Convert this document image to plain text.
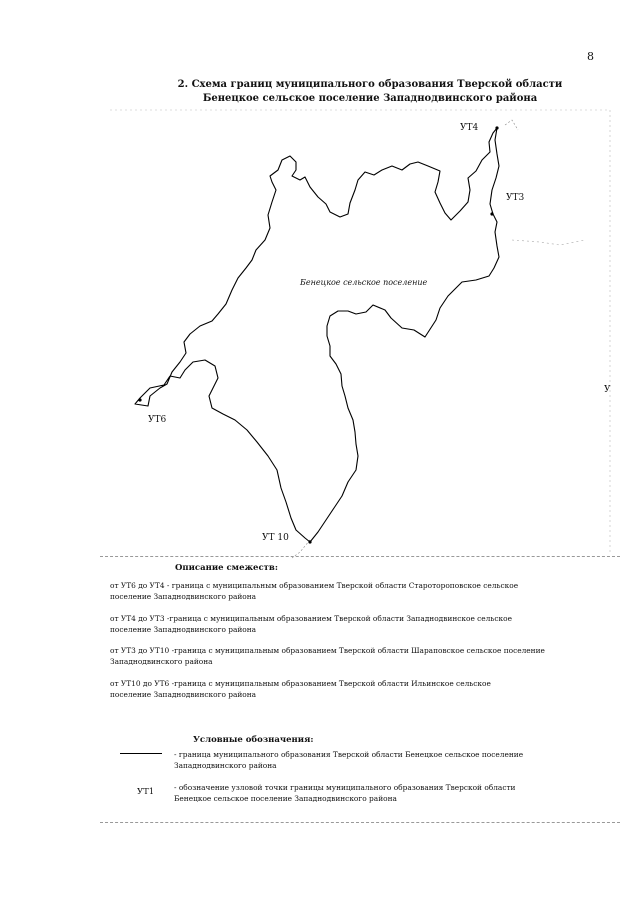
8
2. Схема границ муниципального образования Тверской области
Бенецкое сельское поселение Западнодвинского района
УТ4
УТ3
УТ6
УТ 10
Бенецкое сельское поселение
У
Описание смежеств:
от УТ6 до УТ4 - граница с муниципальным образованием Тверской области Старотороповское сельское
поселение Западнодвинского района
от УТ4 до УТ3 -граница с муниципальным образованием Тверской области Западнодвинское сельское
поселение Западнодвинского района
от УТ3 до УТ10 -граница с муниципальным образованием Тверской области Шараповское сельское поселение
Западнодвинского района
от УТ10 до УТ6 -граница с муниципальным образованием Тверской области Ильинское сельское
поселение Западнодвинского района
Условные обозначения:
- граница муниципального образования Тверской области Бенецкое сельское поселение
Западнодвинского района
УТ1	- обозначение узловой точки границы муниципального образования Тверской области
Бенецкое сельское поселение Западнодвинского района
